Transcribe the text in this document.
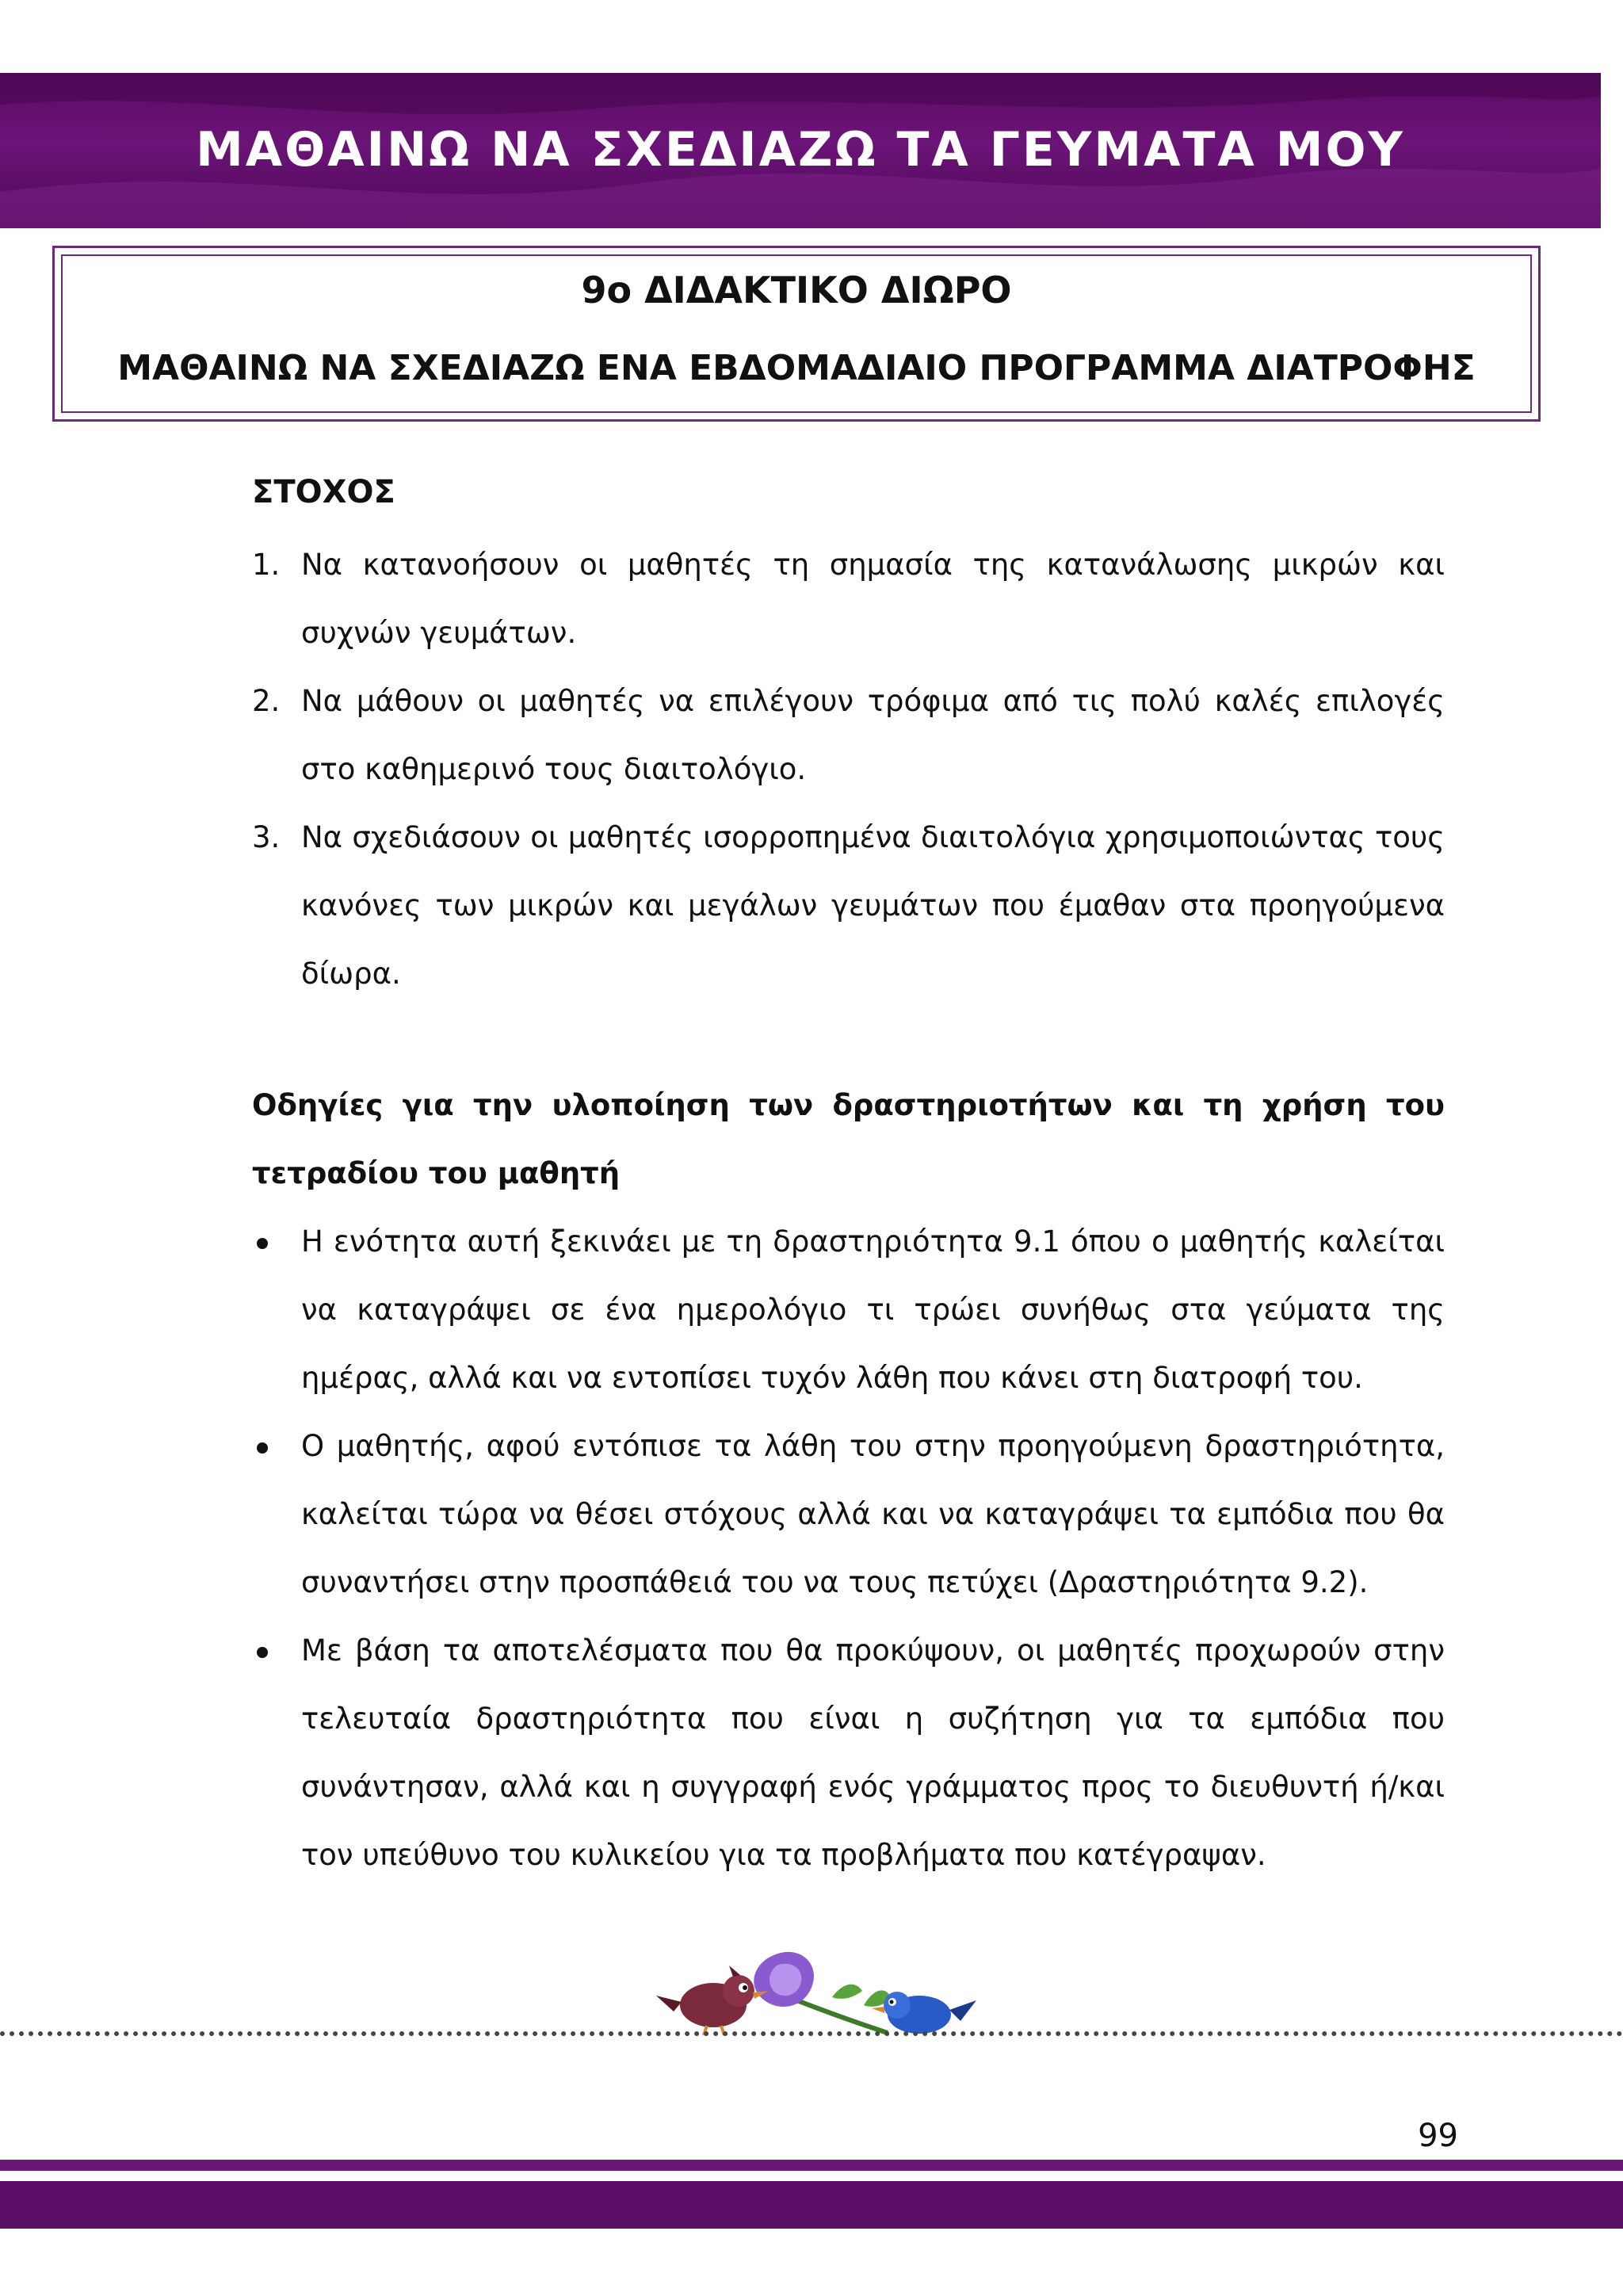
ΜΑΘΑΙΝΩ ΝΑ ΣΧΕΔΙΑΖΩ ΤΑ ΓΕΥΜΑΤΑ ΜΟΥ
9ο ΔΙΔΑΚΤΙΚΟ ΔΙΩΡΟ
ΜΑΘΑΙΝΩ ΝΑ ΣΧΕΔΙΑΖΩ ΕΝΑ ΕΒΔΟΜΑΔΙΑΙΟ ΠΡΟΓΡΑΜΜΑ ΔΙΑΤΡΟΦΗΣ
ΣΤΟΧΟΣ
1. Να κατανοήσουν οι μαθητές τη σημασία της κατανάλωσης μικρών και συχνών γευμάτων.
2. Να μάθουν οι μαθητές να επιλέγουν τρόφιμα από τις πολύ καλές επιλογές στο καθημερινό τους διαιτολόγιο.
3. Να σχεδιάσουν οι μαθητές ισορροπημένα διαιτολόγια χρησιμοποιώντας τους κανόνες των μικρών και μεγάλων γευμάτων που έμαθαν στα προηγούμενα δίωρα.
Οδηγίες για την υλοποίηση των δραστηριοτήτων και τη χρήση του τετραδίου του μαθητή
Η ενότητα αυτή ξεκινάει με τη δραστηριότητα 9.1 όπου ο μαθητής καλείται να καταγράψει σε ένα ημερολόγιο τι τρώει συνήθως στα γεύματα της ημέρας, αλλά και να εντοπίσει τυχόν λάθη που κάνει στη διατροφή του.
Ο μαθητής, αφού εντόπισε τα λάθη του στην προηγούμενη δραστηριότητα, καλείται τώρα να θέσει στόχους αλλά και να καταγράψει τα εμπόδια που θα συναντήσει στην προσπάθειά του να τους πετύχει (Δραστηριότητα 9.2).
Με βάση τα αποτελέσματα που θα προκύψουν, οι μαθητές προχωρούν στην τελευταία δραστηριότητα που είναι η συζήτηση για τα εμπόδια που συνάντησαν, αλλά και η συγγραφή ενός γράμματος προς το διευθυντή ή/και τον υπεύθυνο του κυλικείου για τα προβλήματα που κατέγραψαν.
99
